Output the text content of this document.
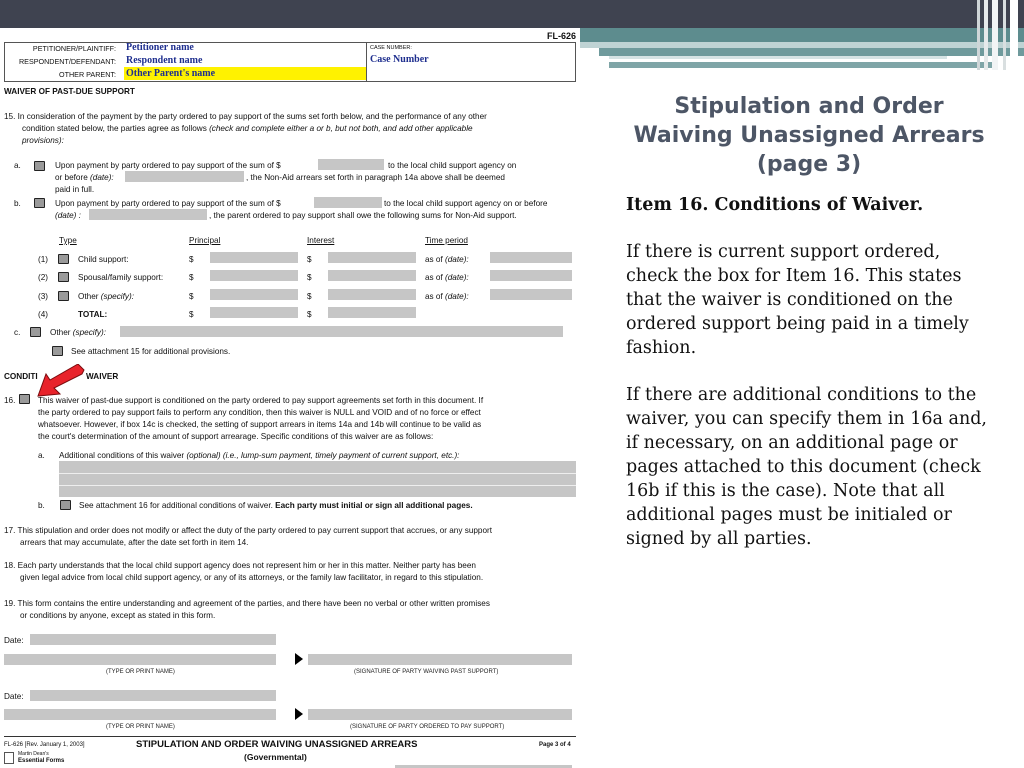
FL-626
PETITIONER/PLAINTIFF: Petitioner name
RESPONDENT/DEFENDANT: Respondent name
OTHER PARENT: Other Parent's name
CASE NUMBER:
Case Number
WAIVER OF PAST-DUE SUPPORT
15. In consideration of the payment by the party ordered to pay support of the sums set forth below, and the performance of any other
condition stated below, the parties agree as follows (check and complete either a or b, but not both, and add other applicable
provisions):
a.	Upon payment by party ordered to pay support of the sum of $	to the local child support agency on
or before (date):	, the Non-Aid arrears set forth in paragraph 14a above shall be deemed
paid in full.
b.	Upon payment by party ordered to pay support of the sum of $	to the local child support agency on or before
(date) :	, the parent ordered to pay support shall owe the following sums for Non-Aid support.
Type	Principal	Interest	Time period
(1)	Child support:	$	$	as of (date):
(2)	Spousal/family support:	$	$	as of (date):
(3)	Other (specify):	$	$	as of (date):
(4)	TOTAL:	$	$
c.	Other (specify):
See attachment 15 for additional provisions.
CONDITI	WAIVER
16.	This waiver of past-due support is conditioned on the party ordered to pay support agreements set forth in this document. If
the party ordered to pay support fails to perform any condition, then this waiver is NULL and VOID and of no force or effect
whatsoever. However, if box 14c is checked, the setting of support arrears in items 14a and 14b will continue to be valid as
the court's determination of the amount of support arrearage. Specific conditions of this waiver are as follows:
a. Additional conditions of this waiver (optional) (i.e., lump-sum payment, timely payment of current support, etc.):
b.	See attachment 16 for additional conditions of waiver. Each party must initial or sign all additional pages.
17. This stipulation and order does not modify or affect the duty of the party ordered to pay current support that accrues, or any support
arrears that may accumulate, after the date set forth in item 14.
18. Each party understands that the local child support agency does not represent him or her in this matter. Neither party has been
given legal advice from local child support agency, or any of its attorneys, or the family law facilitator, in regard to this stipulation.
19. This form contains the entire understanding and agreement of the parties, and there have been no verbal or other written promises
or conditions by anyone, except as stated in this form.
Date:
(TYPE OR PRINT NAME)	(SIGNATURE OF PARTY WAIVING PAST SUPPORT)
Date:
(TYPE OR PRINT NAME)	(SIGNATURE OF PARTY ORDERED TO PAY SUPPORT)
FL-626 [Rev. January 1, 2003]	STIPULATION AND ORDER WAIVING UNASSIGNED ARREARS
(Governmental)
Page 3 of 4
Martin Dean's
Essential Forms
Stipulation and Order
Waiving Unassigned Arrears
(page 3)

Item 16. Conditions of Waiver.

If there is current support ordered, check the box for Item 16. This states that the waiver is conditioned on the ordered support being paid in a timely fashion.

If there are additional conditions to the waiver, you can specify them in 16a and, if necessary, on an additional page or pages attached to this document (check 16b if this is the case). Note that all additional pages must be initialed or signed by all parties.
